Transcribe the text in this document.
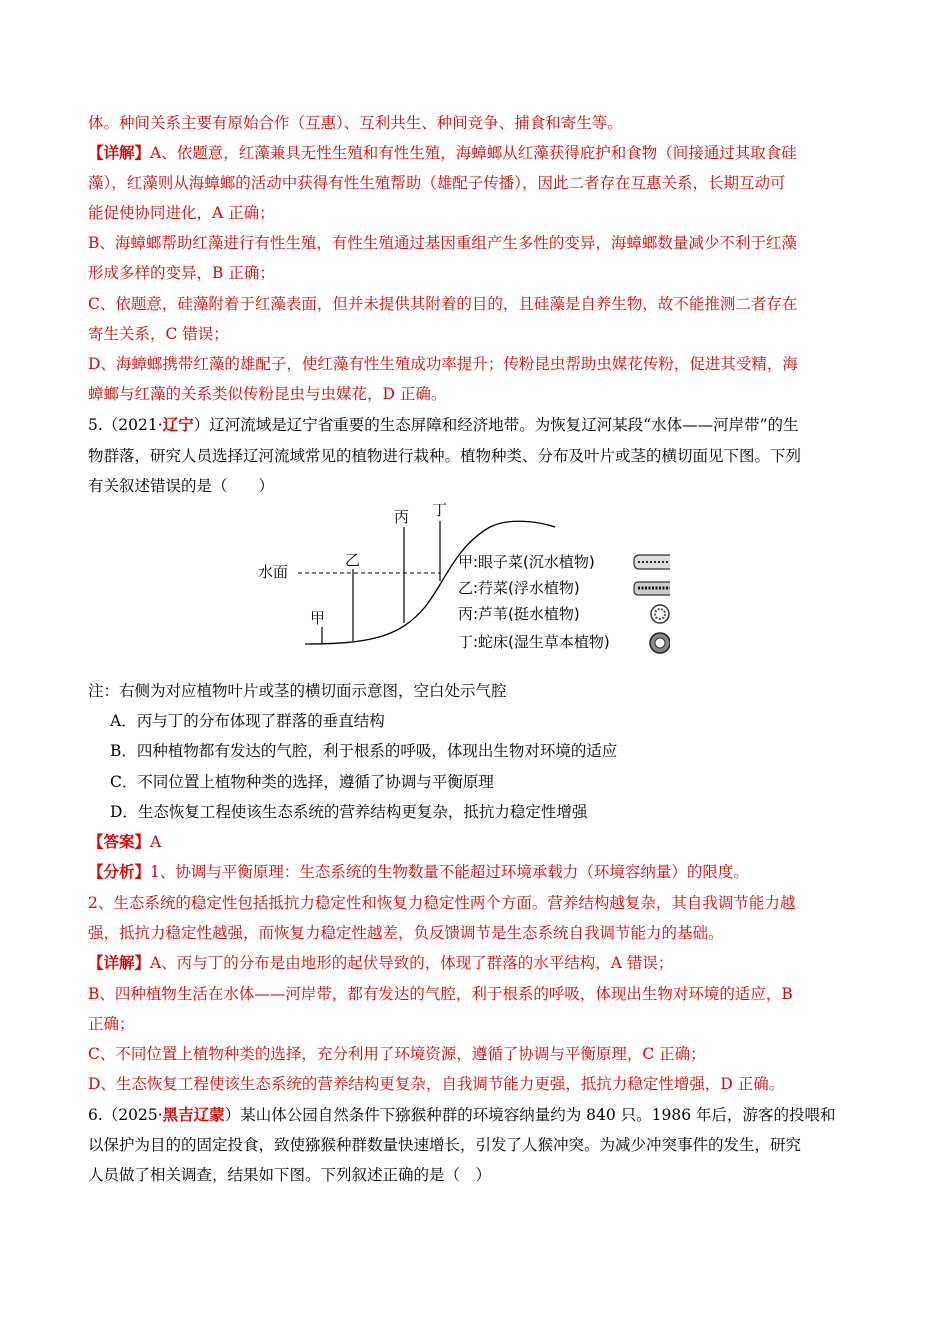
体。种间关系主要有原始合作（互惠）、互利共生、种间竞争、捕食和寄生等。
【详解】A、依题意，红藻兼具无性生殖和有性生殖，海蟑螂从红藻获得庇护和食物（间接通过其取食硅
藻），红藻则从海蟑螂的活动中获得有性生殖帮助（雄配子传播），因此二者存在互惠关系，长期互动可
能促使协同进化，A 正确；
B、海蟑螂帮助红藻进行有性生殖，有性生殖通过基因重组产生多性的变异，海蟑螂数量减少不利于红藻
形成多样的变异，B 正确；
C、依题意，硅藻附着于红藻表面，但并未提供其附着的目的，且硅藻是自养生物，故不能推测二者存在
寄生关系，C 错误；
D、海蟑螂携带红藻的雄配子，使红藻有性生殖成功率提升；传粉昆虫帮助虫媒花传粉，促进其受精，海
蟑螂与红藻的关系类似传粉昆虫与虫媒花，D 正确。
5.（2021·辽宁）辽河流域是辽宁省重要的生态屏障和经济地带。为恢复辽河某段“水体——河岸带”的生
物群落，研究人员选择辽河流域常见的植物进行栽种。植物种类、分布及叶片或茎的横切面见下图。下列
有关叙述错误的是（　　）
水面
甲
乙
丙 丁
甲:眼子菜(沉水植物)
乙:荇菜(浮水植物)
丙:芦苇(挺水植物)
丁:蛇床(湿生草本植物)
注：右侧为对应植物叶片或茎的横切面示意图，空白处示气腔
A．丙与丁的分布体现了群落的垂直结构
B．四种植物都有发达的气腔，利于根系的呼吸，体现出生物对环境的适应
C．不同位置上植物种类的选择，遵循了协调与平衡原理
D．生态恢复工程使该生态系统的营养结构更复杂，抵抗力稳定性增强
【答案】A
【分析】1、协调与平衡原理：生态系统的生物数量不能超过环境承载力（环境容纳量）的限度。
2、生态系统的稳定性包括抵抗力稳定性和恢复力稳定性两个方面。营养结构越复杂，其自我调节能力越
强，抵抗力稳定性越强，而恢复力稳定性越差，负反馈调节是生态系统自我调节能力的基础。
【详解】A、丙与丁的分布是由地形的起伏导致的，体现了群落的水平结构，A 错误；
B、四种植物生活在水体——河岸带，都有发达的气腔，利于根系的呼吸，体现出生物对环境的适应，B
正确；
C、不同位置上植物种类的选择，充分利用了环境资源，遵循了协调与平衡原理，C 正确；
D、生态恢复工程使该生态系统的营养结构更复杂，自我调节能力更强，抵抗力稳定性增强，D 正确。
6.（2025·黑吉辽蒙）某山体公园自然条件下猕猴种群的环境容纳量约为 840 只。1986 年后，游客的投喂和
以保护为目的的固定投食，致使猕猴种群数量快速增长，引发了人猴冲突。为减少冲突事件的发生，研究
人员做了相关调查，结果如下图。下列叙述正确的是（　）
